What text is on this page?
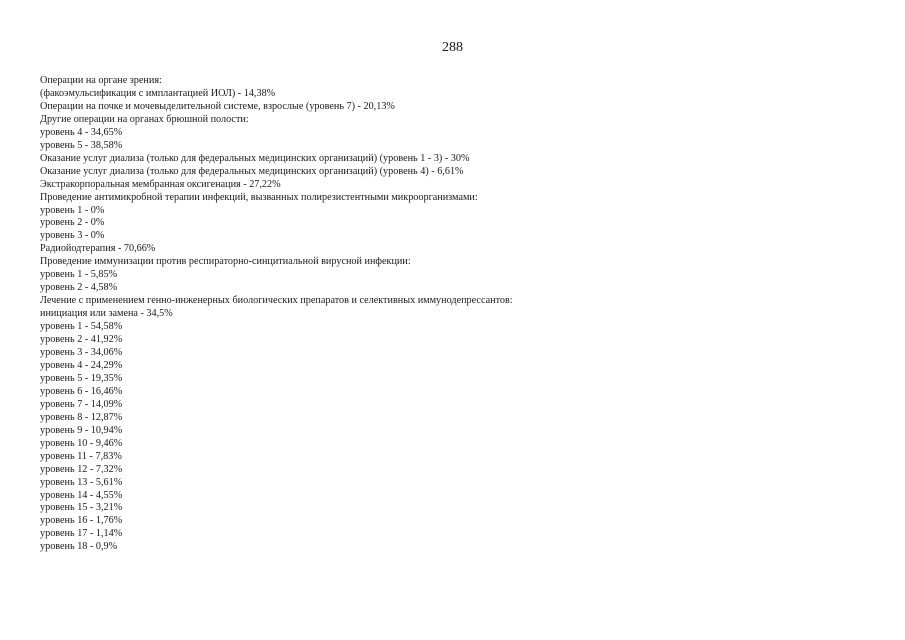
288
Операции на органе зрения:
(факоэмульсификация с имплантацией ИОЛ) - 14,38%
Операции на почке и мочевыделительной системе, взрослые (уровень 7) - 20,13%
Другие операции на органах брюшной полости:
уровень 4 - 34,65%
уровень 5 - 38,58%
Оказание услуг диализа (только для федеральных медицинских организаций) (уровень 1 - 3) - 30%
Оказание услуг диализа (только для федеральных медицинских организаций) (уровень 4) - 6,61%
Экстракорпоральная мембранная оксигенация - 27,22%
Проведение антимикробной терапии инфекций, вызванных полирезистентными микроорганизмами:
уровень 1 - 0%
уровень 2 - 0%
уровень 3 - 0%
Радиойодтерапия - 70,66%
Проведение иммунизации против респираторно-синцитиальной вирусной инфекции:
уровень 1 - 5,85%
уровень 2 - 4,58%
Лечение с применением генно-инженерных биологических препаратов и селективных иммунодепрессантов:
инициация или замена - 34,5%
уровень 1 - 54,58%
уровень 2 - 41,92%
уровень 3 - 34,06%
уровень 4 - 24,29%
уровень 5 - 19,35%
уровень 6 - 16,46%
уровень 7 - 14,09%
уровень 8 - 12,87%
уровень 9 - 10,94%
уровень 10 - 9,46%
уровень 11 - 7,83%
уровень 12 - 7,32%
уровень 13 - 5,61%
уровень 14 - 4,55%
уровень 15 - 3,21%
уровень 16 - 1,76%
уровень 17 - 1,14%
уровень 18 - 0,9%
